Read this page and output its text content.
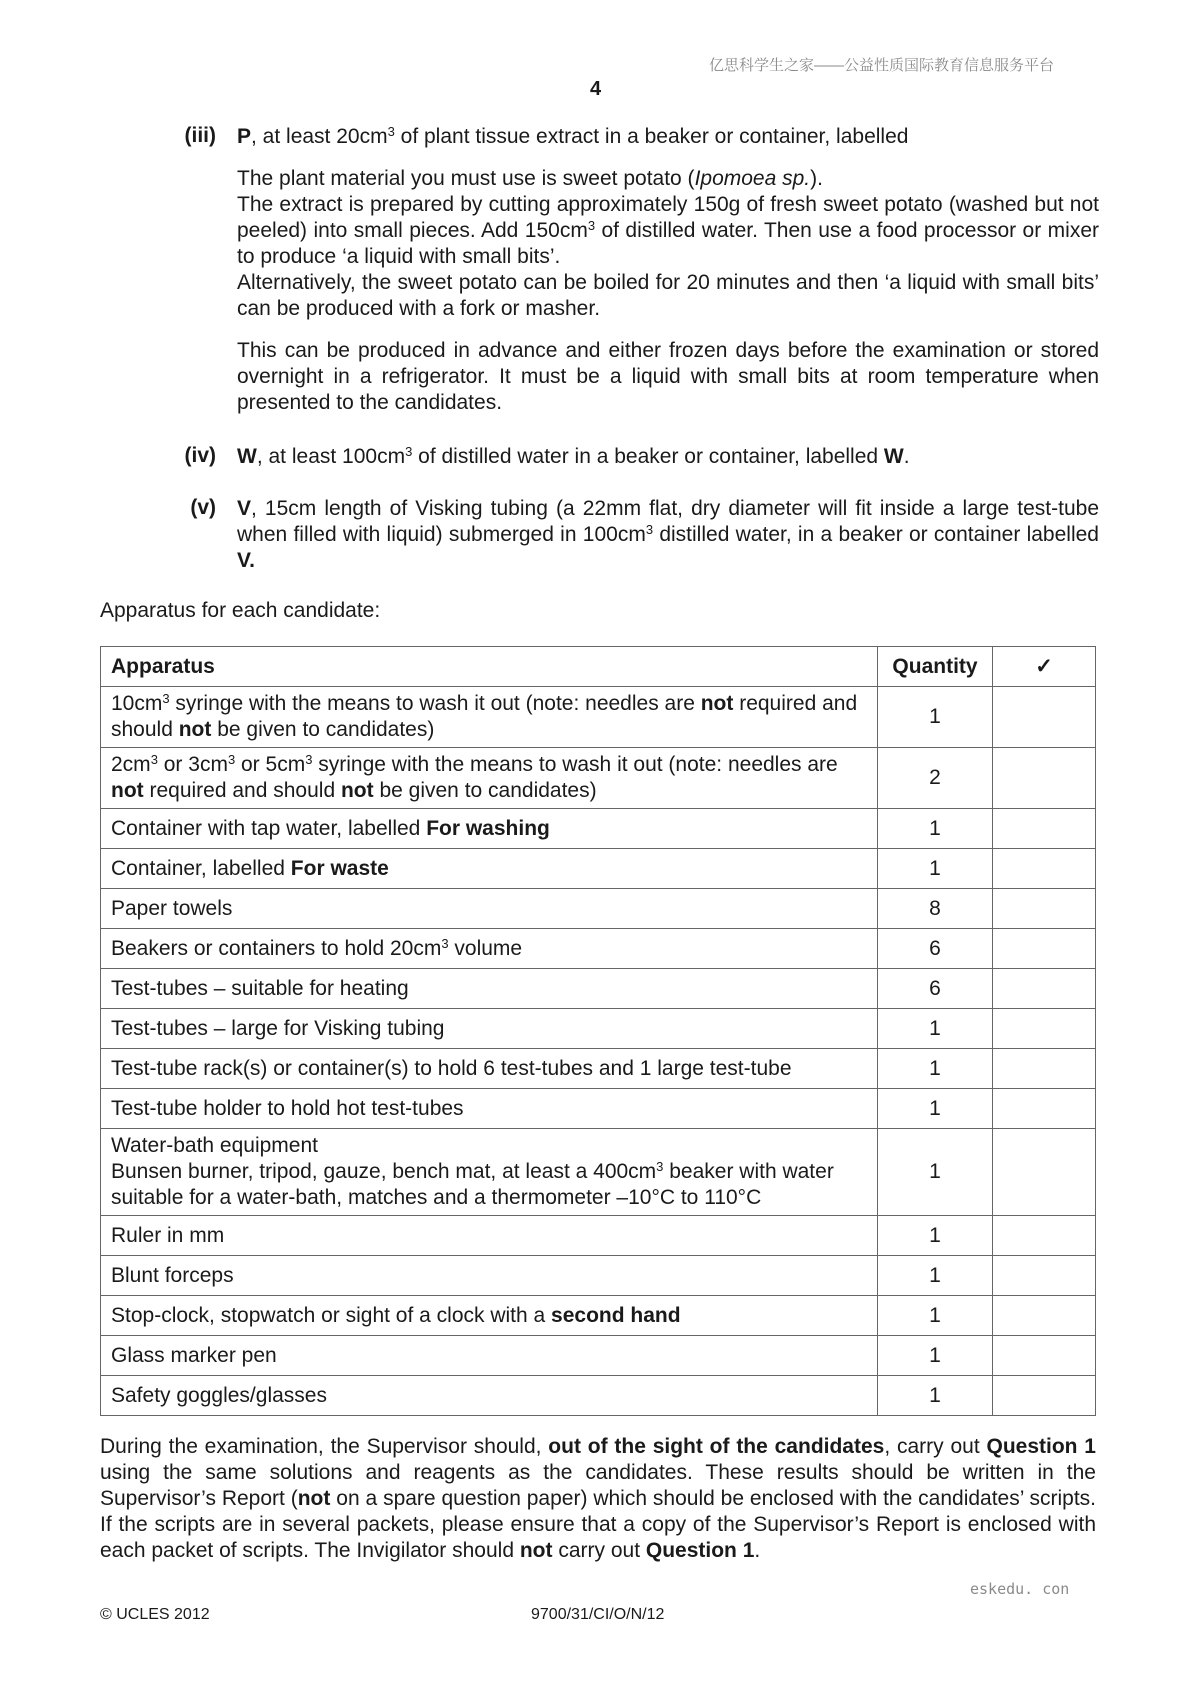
亿思科学生之家——公益性质国际教育信息服务平台
4
(iii) P, at least $20cm^3$ of plant tissue extract in a beaker or container, labelled

The plant material you must use is sweet potato (Ipomoea sp.).
The extract is prepared by cutting approximately 150g of fresh sweet potato (washed but not peeled) into small pieces. Add $150cm^3$ of distilled water. Then use a food processor or mixer to produce ‘a liquid with small bits’.
Alternatively, the sweet potato can be boiled for 20 minutes and then ‘a liquid with small bits’ can be produced with a fork or masher.

This can be produced in advance and either frozen days before the examination or stored overnight in a refrigerator. It must be a liquid with small bits at room temperature when presented to the candidates.

(iv) W, at least $100cm^3$ of distilled water in a beaker or container, labelled W.

(v) V, 15cm length of Visking tubing (a 22mm flat, dry diameter will fit inside a large test-tube when filled with liquid) submerged in $100cm^3$ distilled water, in a beaker or container labelled V.

Apparatus for each candidate:
Apparatus	Quantity	✓
$10cm^3$ syringe with the means to wash it out (note: needles are not required and should not be given to candidates)	1	
$2cm^3$ or $3cm^3$ or $5cm^3$ syringe with the means to wash it out (note: needles are not required and should not be given to candidates)	2	
Container with tap water, labelled For washing	1	
Container, labelled For waste	1	
Paper towels	8	
Beakers or containers to hold $20cm^3$ volume	6	
Test-tubes – suitable for heating	6	
Test-tubes – large for Visking tubing	1	
Test-tube rack(s) or container(s) to hold 6 test-tubes and 1 large test-tube	1	
Test-tube holder to hold hot test-tubes	1	
Water-bath equipment
Bunsen burner, tripod, gauze, bench mat, at least a $400cm^3$ beaker with water suitable for a water-bath, matches and a thermometer –10°C to 110°C	1	
Ruler in mm	1	
Blunt forceps	1	
Stop-clock, stopwatch or sight of a clock with a second hand	1	
Glass marker pen	1	
Safety goggles/glasses	1	

During the examination, the Supervisor should, out of the sight of the candidates, carry out Question 1 using the same solutions and reagents as the candidates. These results should be written in the Supervisor’s Report (not on a spare question paper) which should be enclosed with the candidates’ scripts. If the scripts are in several packets, please ensure that a copy of the Supervisor’s Report is enclosed with each packet of scripts. The Invigilator should not carry out Question 1.

© UCLES 2012	9700/31/CI/O/N/12
eskedu. con
